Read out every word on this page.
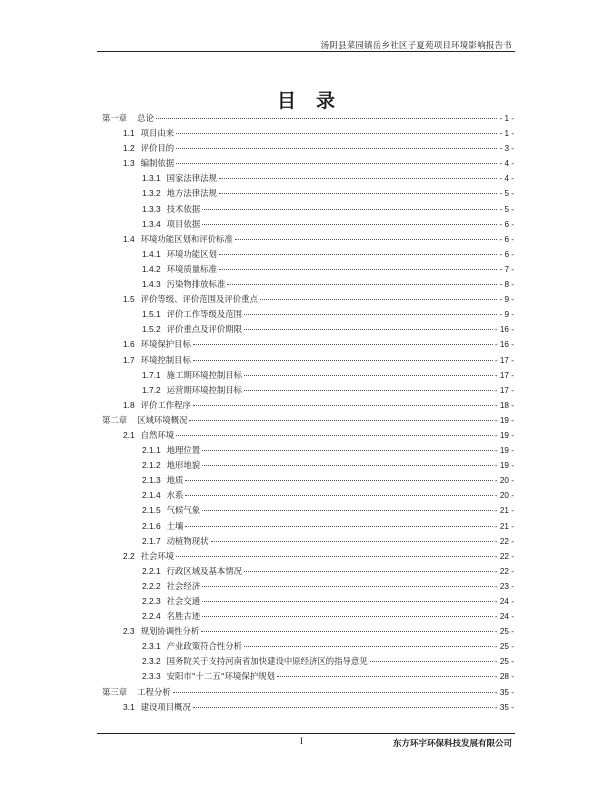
汤阴县菜园镇岳乡社区子夏苑项目环境影响报告书
目录
第一章 总论	- 1 -
1.1 项目由来	- 1 -
1.2 评价目的	- 3 -
1.3 编制依据	- 4 -
1.3.1 国家法律法规	- 4 -
1.3.2 地方法律法规	- 5 -
1.3.3 技术依据	- 5 -
1.3.4 项目依据	- 6 -
1.4 环境功能区划和评价标准	- 6 -
1.4.1 环境功能区划	- 6 -
1.4.2 环境质量标准	- 7 -
1.4.3 污染物排放标准	- 8 -
1.5 评价等级、评价范围及评价重点	- 9 -
1.5.1 评价工作等级及范围	- 9 -
1.5.2 评价重点及评价期限	- 16 -
1.6 环境保护目标	- 16 -
1.7 环境控制目标	- 17 -
1.7.1 施工期环境控制目标	- 17 -
1.7.2 运营期环境控制目标	- 17 -
1.8 评价工作程序	- 18 -
第二章 区域环境概况	- 19 -
2.1 自然环境	- 19 -
2.1.1 地理位置	- 19 -
2.1.2 地形地貌	- 19 -
2.1.3 地质	- 20 -
2.1.4 水系	- 20 -
2.1.5 气候气象	- 21 -
2.1.6 土壤	- 21 -
2.1.7 动植物现状	- 22 -
2.2 社会环境	- 22 -
2.2.1 行政区域及基本情况	- 22 -
2.2.2 社会经济	- 23 -
2.2.3 社会交通	- 24 -
2.2.4 名胜古迹	- 24 -
2.3 规划协调性分析	- 25 -
2.3.1 产业政策符合性分析	- 25 -
2.3.2 国务院关于支持河南省加快建设中原经济区的指导意见	- 25 -
2.3.3 安阳市"十二五"环境保护规划	- 28 -
第三章 工程分析	- 35 -
3.1 建设项目概况	- 35 -
I	东方环宇环保科技发展有限公司
